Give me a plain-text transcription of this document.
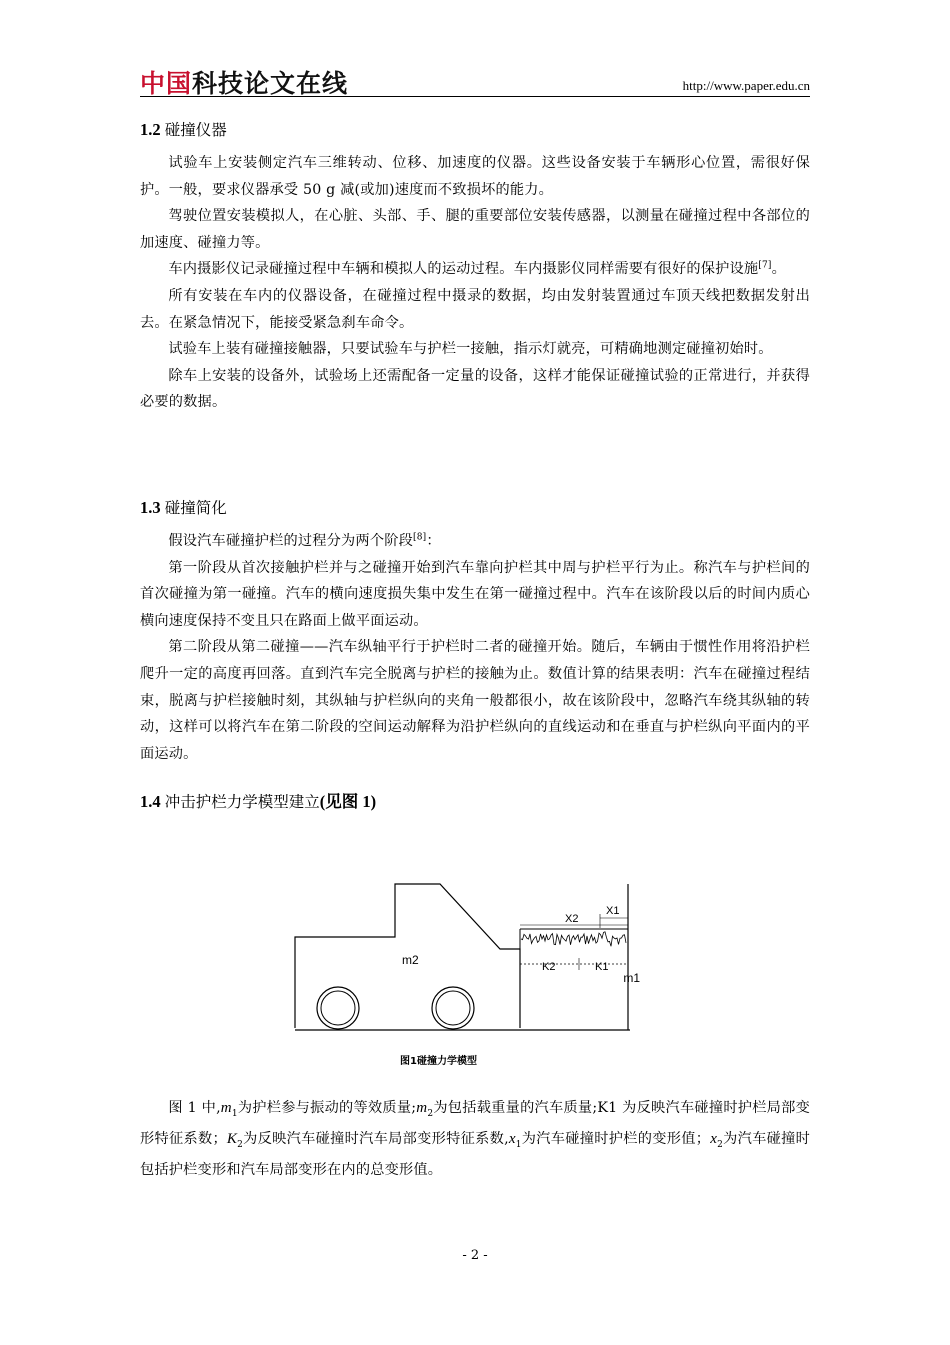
中国科技论文在线	http://www.paper.edu.cn
1.2 碰撞仪器

试验车上安装侧定汽车三维转动、位移、加速度的仪器。这些设备安装于车辆形心位置，需很好保护。一般，要求仪器承受 50 g 减(或加)速度而不致损坏的能力。

驾驶位置安装模拟人，在心脏、头部、手、腿的重要部位安装传感器，以测量在碰撞过程中各部位的加速度、碰撞力等。

车内摄影仪记录碰撞过程中车辆和模拟人的运动过程。车内摄影仪同样需要有很好的保护设施[7]。

所有安装在车内的仪器设备，在碰撞过程中摄录的数据，均由发射装置通过车顶天线把数据发射出去。在紧急情况下，能接受紧急刹车命令。

试验车上装有碰撞接触器，只要试验车与护栏一接触，指示灯就亮，可精确地测定碰撞初始时。

除车上安装的设备外，试验场上还需配备一定量的设备，这样才能保证碰撞试验的正常进行，并获得必要的数据。

1.3 碰撞简化

假设汽车碰撞护栏的过程分为两个阶段[8]：

第一阶段从首次接触护栏并与之碰撞开始到汽车靠向护栏其中周与护栏平行为止。称汽车与护栏间的首次碰撞为第一碰撞。汽车的横向速度损失集中发生在第一碰撞过程中。汽车在该阶段以后的时间内质心横向速度保持不变且只在路面上做平面运动。

第二阶段从第二碰撞——汽车纵轴平行于护栏时二者的碰撞开始。随后，车辆由于惯性作用将沿护栏爬升一定的高度再回落。直到汽车完全脱离与护栏的接触为止。数值计算的结果表明：汽车在碰撞过程结束，脱离与护栏接触时刻，其纵轴与护栏纵向的夹角一般都很小，故在该阶段中，忽略汽车绕其纵轴的转动，这样可以将汽车在第二阶段的空间运动解释为沿护栏纵向的直线运动和在垂直与护栏纵向平面内的平面运动。

1.4 冲击护栏力学模型建立(见图 1)
m2
m1
X2
X1
K2	K1
图1碰撞力学模型

图 1 中$,m_1$为护栏参与振动的等效质量$;m_2$为包括载重量的汽车质量;K1 为反映汽车碰撞时护栏局部变形特征系数；$K_2$为反映汽车碰撞时汽车局部变形特征系数$,x_1$为汽车碰撞时护栏的变形值；$x_2$为汽车碰撞时包括护栏变形和汽车局部变形在内的总变形值。

- 2 -
